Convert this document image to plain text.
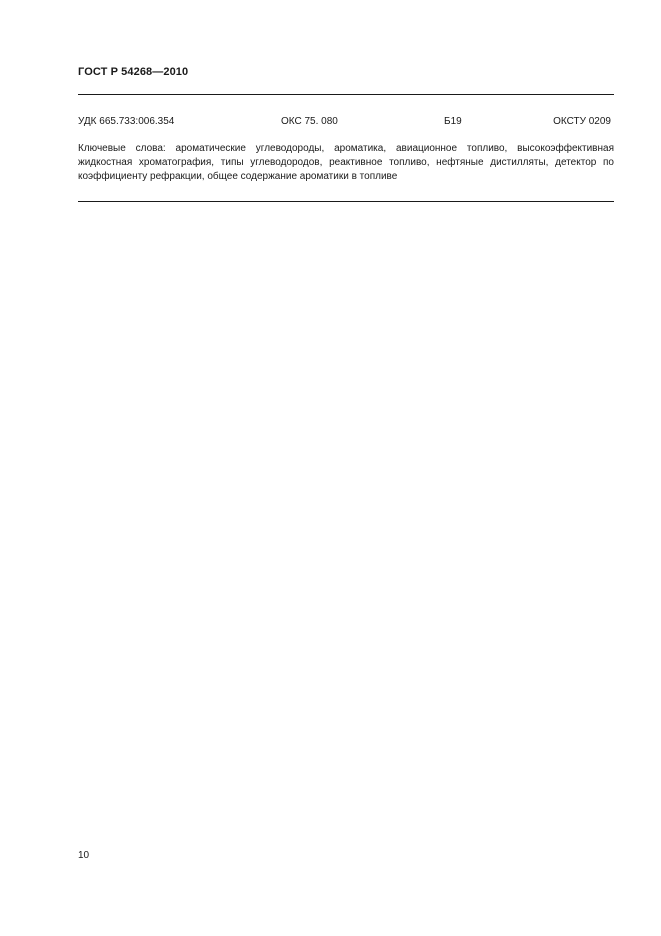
ГОСТ Р 54268—2010
УДК 665.733:006.354	ОКС 75. 080	Б19	ОКСТУ 0209
Ключевые слова: ароматические углеводороды, ароматика, авиационное топливо, высокоэффективная жидкостная хроматография, типы углеводородов, реактивное топливо, нефтяные дистилляты, детектор по коэффициенту рефракции, общее содержание ароматики в топливе
10
